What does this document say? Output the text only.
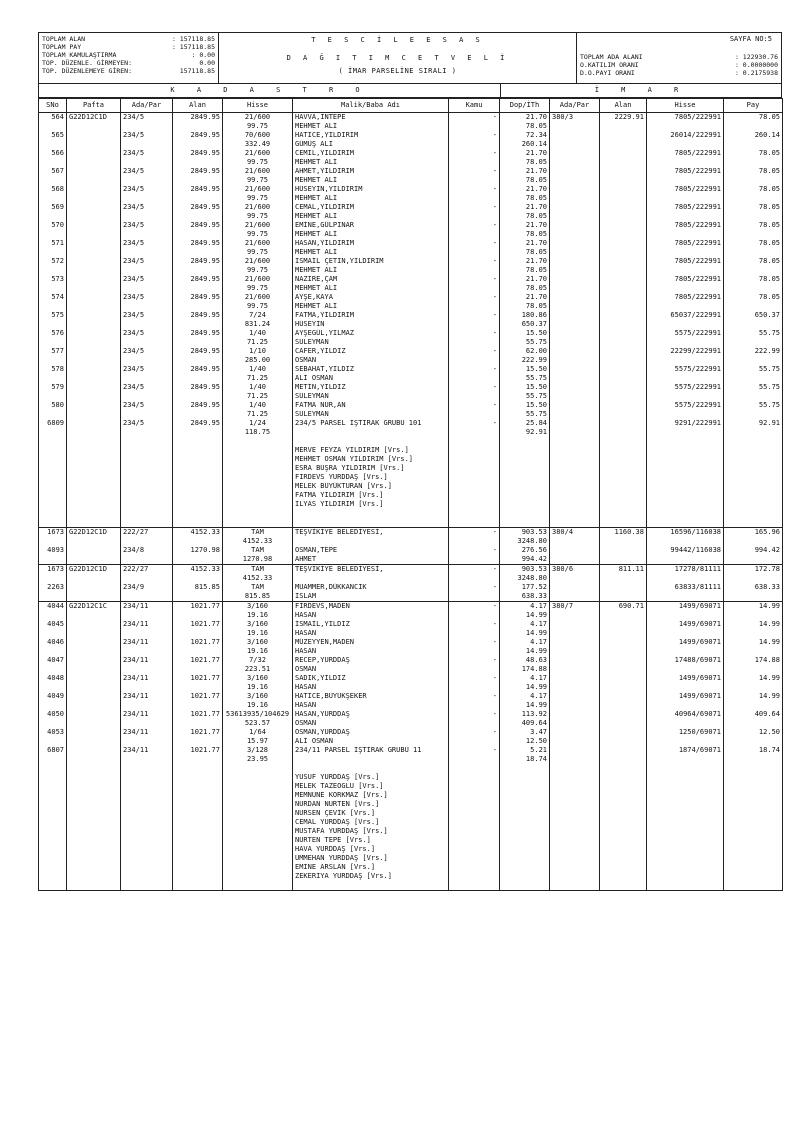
TOPLAM ALAN	: 157118.85
TOPLAM PAY	: 157118.85
TOPLAM KAMULAŞTIRMA	: 0.00
TOP. DÜZENLE. GİRMEYEN:	0.00
TOP. DÜZENLEMEYE GİREN:	157118.85
T E S C İ L E E S A S
D A Ğ I T I M C E T V E L İ
( İMAR PARSELİNE SIRALI )
SAYFA NO:5
TOPLAM ADA ALANI	: 122930.76
O.KATILIM ORANI	: 0.0000000
D.O.PAYI ORANI	: 0.2175938
K A D A S T R O	İ M A R
SNo	Pafta	Ada/Par	Alan	Hisse	Malik/Baba Adı	Kamu	Dop/İTh	Ada/Par	Alan	Hisse	Pay
564	G22D12C1D	234/5	2849.95	21/600	HAVVA,İNTEPE	-	21.70	380/3	2229.91	7805/222991	78.05
				99.75	MEHMET ALİ		78.05				
565		234/5	2849.95	70/600	HATİCE,YILDIRIM	-	72.34			26014/222991	260.14
				332.49	GÜMÜŞ ALİ		260.14				
566		234/5	2849.95	21/600	CEMİL,YILDIRIM	-	21.70			7805/222991	78.05
				99.75	MEHMET ALİ		78.05				
567		234/5	2849.95	21/600	AHMET,YILDIRIM	-	21.70			7805/222991	78.05
				99.75	MEHMET ALİ		78.05				
568		234/5	2849.95	21/600	HÜSEYİN,YILDIRIM	-	21.70			7805/222991	78.05
				99.75	MEHMET ALİ		78.05				
569		234/5	2849.95	21/600	CEMAL,YILDIRIM	-	21.70			7805/222991	78.05
				99.75	MEHMET ALİ		78.05				
570		234/5	2849.95	21/600	EMİNE,GÜLPINAR	-	21.70			7805/222991	78.05
				99.75	MEHMET ALİ		78.05				
571		234/5	2849.95	21/600	HASAN,YILDIRIM	-	21.70			7805/222991	78.05
				99.75	MEHMET ALİ		78.05				
572		234/5	2849.95	21/600	İSMAİL ÇETİN,YILDIRIM	-	21.70			7805/222991	78.05
				99.75	MEHMET ALİ		78.05				
573		234/5	2849.95	21/600	NAZİRE,ÇAM	-	21.70			7805/222991	78.05
				99.75	MEHMET ALİ		78.05				
574		234/5	2849.95	21/600	AYŞE,KAYA	-	21.70			7805/222991	78.05
				99.75	MEHMET ALİ		78.05				
575		234/5	2849.95	7/24	FATMA,YILDIRIM	-	180.86			65037/222991	650.37
				831.24	HÜSEYİN		650.37				
576		234/5	2849.95	1/40	AYŞEGÜL,YILMAZ	-	15.50			5575/222991	55.75
				71.25	SÜLEYMAN		55.75				
577		234/5	2849.95	1/10	CAFER,YILDIZ	-	62.00			22299/222991	222.99
				285.00	OSMAN		222.99				
578		234/5	2849.95	1/40	SEBAHAT,YILDIZ	-	15.50			5575/222991	55.75
				71.25	ALİ OSMAN		55.75				
579		234/5	2849.95	1/40	METİN,YILDIZ	-	15.50			5575/222991	55.75
				71.25	SÜLEYMAN		55.75				
580		234/5	2849.95	1/40	FATMA NUR,AN	-	15.50			5575/222991	55.75
				71.25	SÜLEYMAN		55.75				
6809		234/5	2849.95	1/24	234/5 PARSEL İŞTİRAK GRUBU 101	-	25.84			9291/222991	92.91
				118.75			92.91				

					MERVE FEYZA YILDIRIM [Vrs.]						
					MEHMET OSMAN YILDIRIM [Vrs.]						
					ESRA BÜŞRA YILDIRIM [Vrs.]						
					FİRDEVS YURDDAŞ [Vrs.]						
					MELEK BÜYÜKTURAN [Vrs.]						
					FATMA YILDIRIM [Vrs.]						
					İLYAS YILDIRIM [Vrs.]						

1673	G22D12C1D	222/27	4152.33	TAM	TEŞVİKİYE BELEDİYESİ,	-	903.53	380/4	1160.38	16596/116038	165.96
				4152.33			3248.80				
4093		234/8	1270.98	TAM	OSMAN,TEPE	-	276.56			99442/116038	994.42
				1270.98	AHMET		994.42				
1673	G22D12C1D	222/27	4152.33	TAM	TEŞVİKİYE BELEDİYESİ,	-	903.53	380/6	811.11	17278/81111	172.78
				4152.33			3248.80				
2263		234/9	815.85	TAM	MUAMMER,DÜKKANCIK	-	177.52			63833/81111	638.33
				815.85	İSLAM		638.33				
4044	G22D12C1C	234/11	1021.77	3/160	FİRDEVS,MADEN	-	4.17	380/7	690.71	1499/69071	14.99
				19.16	HASAN		14.99				
4045		234/11	1021.77	3/160	İSMAİL,YILDIZ	-	4.17			1499/69071	14.99
				19.16	HASAN		14.99				
4046		234/11	1021.77	3/160	MÜZEYYEN,MADEN	-	4.17			1499/69071	14.99
				19.16	HASAN		14.99				
4047		234/11	1021.77	7/32	RECEP,YURDDAŞ	-	48.63			17488/69071	174.88
				223.51	OSMAN		174.88				
4048		234/11	1021.77	3/160	SADIK,YILDIZ	-	4.17			1499/69071	14.99
				19.16	HASAN		14.99				
4049		234/11	1021.77	3/160	HATİCE,BÜYÜKŞEKER	-	4.17			1499/69071	14.99
				19.16	HASAN		14.99				
4050		234/11	1021.77	53613935/104629	HASAN,YURDDAŞ	-	113.92			40964/69071	409.64
				523.57	OSMAN		409.64				
4053		234/11	1021.77	1/64	OSMAN,YURDDAŞ	-	3.47			1250/69071	12.50
				15.97	ALİ OSMAN		12.50				
6807		234/11	1021.77	3/128	234/11 PARSEL İŞTİRAK GRUBU 11	-	5.21			1874/69071	18.74
				23.95			18.74				

					YUSUF YURDDAŞ [Vrs.]						
					MELEK TAZEOĞLU [Vrs.]						
					MEMNUNE KORKMAZ [Vrs.]						
					NURDAN NURTEN [Vrs.]						
					NURSEN ÇEVİK [Vrs.]						
					CEMAL YURDDAŞ [Vrs.]						
					MUSTAFA YURDDAŞ [Vrs.]						
					NURTEN TEPE [Vrs.]						
					HAVA YURDDAŞ [Vrs.]						
					ÜMMEHAN YURDDAŞ [Vrs.]						
					EMİNE ARSLAN [Vrs.]						
					ZEKERİYA YURDDAŞ [Vrs.]						
